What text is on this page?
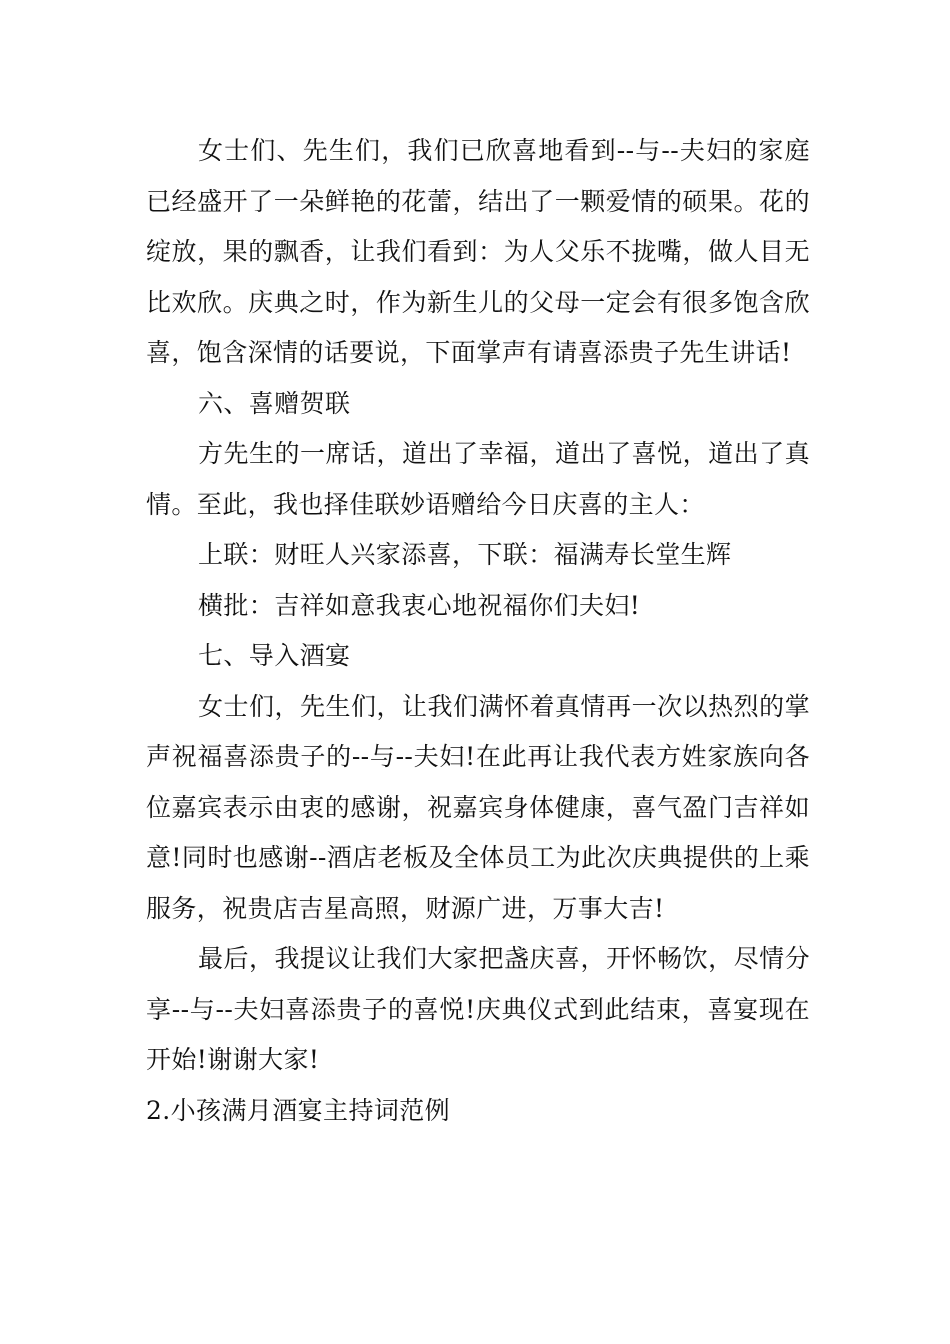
女士们、先生们，我们已欣喜地看到--与--夫妇的家庭已经盛开了一朵鲜艳的花蕾，结出了一颗爱情的硕果。花的绽放，果的飘香，让我们看到：为人父乐不拢嘴，做人目无比欢欣。庆典之时，作为新生儿的父母一定会有很多饱含欣喜，饱含深情的话要说，下面掌声有请喜添贵子先生讲话!

六、喜赠贺联

方先生的一席话，道出了幸福，道出了喜悦，道出了真情。至此，我也择佳联妙语赠给今日庆喜的主人：

上联：财旺人兴家添喜，下联：福满寿长堂生辉

横批：吉祥如意我衷心地祝福你们夫妇!

七、导入酒宴

女士们，先生们，让我们满怀着真情再一次以热烈的掌声祝福喜添贵子的--与--夫妇!在此再让我代表方姓家族向各位嘉宾表示由衷的感谢，祝嘉宾身体健康，喜气盈门吉祥如意!同时也感谢--酒店老板及全体员工为此次庆典提供的上乘服务，祝贵店吉星高照，财源广进，万事大吉!

最后，我提议让我们大家把盏庆喜，开怀畅饮，尽情分享--与--夫妇喜添贵子的喜悦!庆典仪式到此结束，喜宴现在开始!谢谢大家!

2.小孩满月酒宴主持词范例
